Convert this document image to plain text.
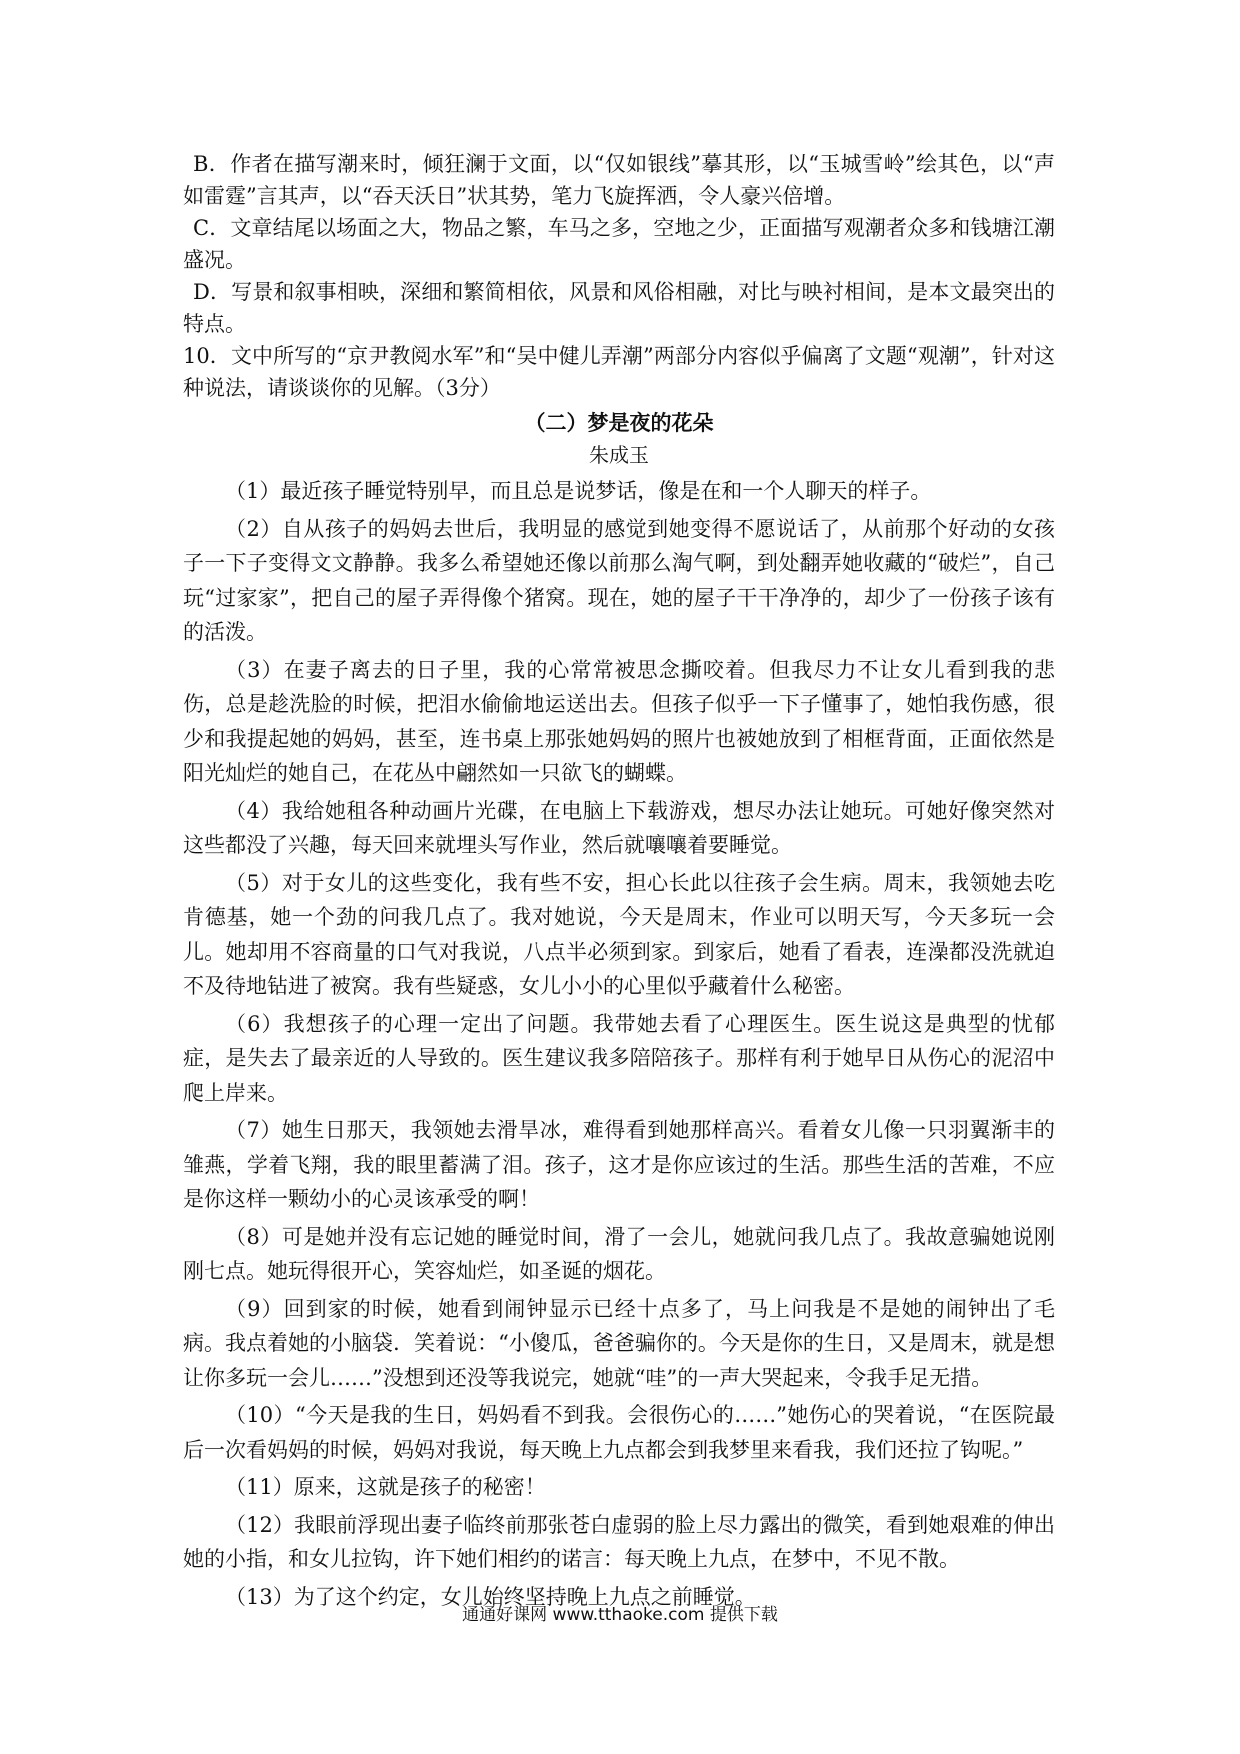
B．作者在描写潮来时，倾狂澜于文面，以“仅如银线”摹其形，以“玉城雪岭”绘其色，以“声如雷霆”言其声，以“吞天沃日”状其势，笔力飞旋挥洒，令人豪兴倍增。

C．文章结尾以场面之大，物品之繁，车马之多，空地之少，正面描写观潮者众多和钱塘江潮盛况。

D．写景和叙事相映，深细和繁简相依，风景和风俗相融，对比与映衬相间，是本文最突出的特点。

10．文中所写的“京尹教阅水军”和“吴中健儿弄潮”两部分内容似乎偏离了文题“观潮”，针对这种说法，请谈谈你的见解。（3分）

（二）梦是夜的花朵
朱成玉

（1）最近孩子睡觉特别早，而且总是说梦话，像是在和一个人聊天的样子。

（2）自从孩子的妈妈去世后，我明显的感觉到她变得不愿说话了，从前那个好动的女孩子一下子变得文文静静。我多么希望她还像以前那么淘气啊，到处翻弄她收藏的“破烂”，自己玩“过家家”，把自己的屋子弄得像个猪窝。现在，她的屋子干干净净的，却少了一份孩子该有的活泼。

（3）在妻子离去的日子里，我的心常常被思念撕咬着。但我尽力不让女儿看到我的悲伤，总是趁洗脸的时候，把泪水偷偷地运送出去。但孩子似乎一下子懂事了，她怕我伤感，很少和我提起她的妈妈，甚至，连书桌上那张她妈妈的照片也被她放到了相框背面，正面依然是阳光灿烂的她自己，在花丛中翩然如一只欲飞的蝴蝶。

（4）我给她租各种动画片光碟，在电脑上下载游戏，想尽办法让她玩。可她好像突然对这些都没了兴趣，每天回来就埋头写作业，然后就嚷嚷着要睡觉。

（5）对于女儿的这些变化，我有些不安，担心长此以往孩子会生病。周末，我领她去吃肯德基，她一个劲的问我几点了。我对她说，今天是周末，作业可以明天写，今天多玩一会儿。她却用不容商量的口气对我说，八点半必须到家。到家后，她看了看表，连澡都没洗就迫不及待地钻进了被窝。我有些疑惑，女儿小小的心里似乎藏着什么秘密。

（6）我想孩子的心理一定出了问题。我带她去看了心理医生。医生说这是典型的忧郁症，是失去了最亲近的人导致的。医生建议我多陪陪孩子。那样有利于她早日从伤心的泥沼中爬上岸来。

（7）她生日那天，我领她去滑旱冰，难得看到她那样高兴。看着女儿像一只羽翼渐丰的雏燕，学着飞翔，我的眼里蓄满了泪。孩子，这才是你应该过的生活。那些生活的苦难，不应是你这样一颗幼小的心灵该承受的啊！

（8）可是她并没有忘记她的睡觉时间，滑了一会儿，她就问我几点了。我故意骗她说刚刚七点。她玩得很开心，笑容灿烂，如圣诞的烟花。

（9）回到家的时候，她看到闹钟显示已经十点多了，马上问我是不是她的闹钟出了毛病。我点着她的小脑袋．笑着说：“小傻瓜，爸爸骗你的。今天是你的生日，又是周末，就是想让你多玩一会儿……”没想到还没等我说完，她就“哇”的一声大哭起来，令我手足无措。

（10）“今天是我的生日，妈妈看不到我。会很伤心的……”她伤心的哭着说，“在医院最后一次看妈妈的时候，妈妈对我说，每天晚上九点都会到我梦里来看我，我们还拉了钩呢。”

（11）原来，这就是孩子的秘密！

（12）我眼前浮现出妻子临终前那张苍白虚弱的脸上尽力露出的微笑，看到她艰难的伸出她的小指，和女儿拉钩，许下她们相约的诺言：每天晚上九点，在梦中，不见不散。

（13）为了这个约定，女儿始终坚持晚上九点之前睡觉。

通通好课网 www.tthaoke.com 提供下载
